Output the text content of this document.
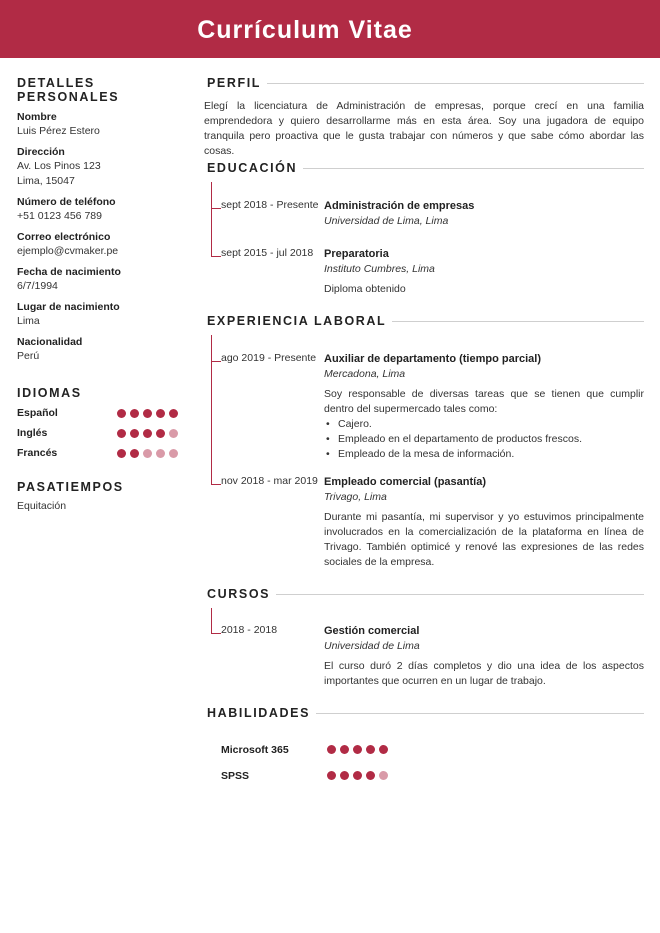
Currículum Vitae
DETALLES PERSONALES
Nombre
Luis Pérez Estero
Dirección
Av. Los Pinos 123
Lima, 15047
Número de teléfono
+51 0123 456 789
Correo electrónico
ejemplo@cvmaker.pe
Fecha de nacimiento
6/7/1994
Lugar de nacimiento
Lima
Nacionalidad
Perú
IDIOMAS
Español
Inglés
Francés
PASATIEMPOS
Equitación
PERFIL
Elegí la licenciatura de Administración de empresas, porque crecí en una familia emprendedora y quiero desarrollarme más en esta área. Soy una jugadora de equipo tranquila pero proactiva que le gusta trabajar con números y que sabe cómo abordar las cosas.
EDUCACIÓN
sept 2018 - Presente Administración de empresas
Universidad de Lima, Lima
sept 2015 - jul 2018 Preparatoria
Instituto Cumbres, Lima
Diploma obtenido
EXPERIENCIA LABORAL
ago 2019 - Presente Auxiliar de departamento (tiempo parcial)
Mercadona, Lima
Soy responsable de diversas tareas que se tienen que cumplir dentro del supermercado tales como:
• Cajero.
• Empleado en el departamento de productos frescos.
• Empleado de la mesa de información.
nov 2018 - mar 2019 Empleado comercial (pasantía)
Trivago, Lima
Durante mi pasantía, mi supervisor y yo estuvimos principalmente involucrados en la comercialización de la plataforma en línea de Trivago. También optimicé y renové las expresiones de las redes sociales de la empresa.
CURSOS
2018 - 2018	Gestión comercial
Universidad de Lima
El curso duró 2 días completos y dio una idea de los aspectos importantes que ocurren en un lugar de trabajo.
HABILIDADES
Microsoft 365
SPSS
